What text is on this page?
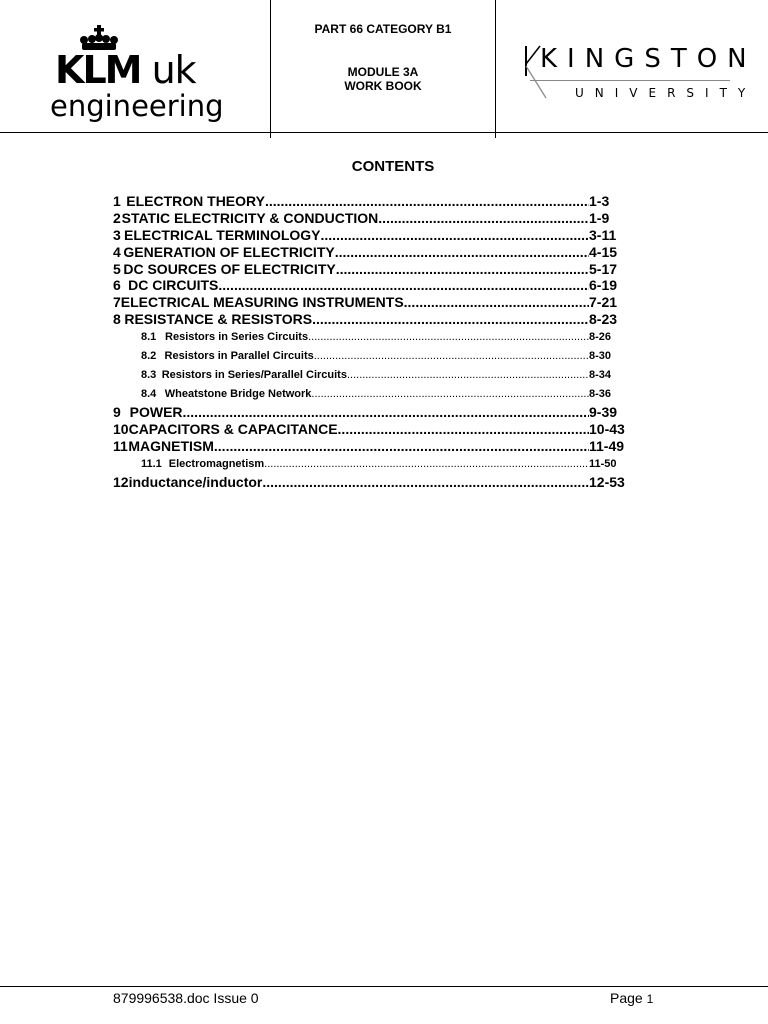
KLM uk
engineering
PART 66 CATEGORY B1
MODULE 3A
WORK BOOK
KINGSTON
UNIVERSITY
CONTENTS
1 ELECTRON THEORY .....	1-3
2 STATIC ELECTRICITY & CONDUCTION .....	1-9
3 ELECTRICAL TERMINOLOGY .....	3-11
4 GENERATION OF ELECTRICITY .....	4-15
5 DC SOURCES OF ELECTRICITY .....	5-17
6 DC CIRCUITS .....	6-19
7 ELECTRICAL MEASURING INSTRUMENTS .....	7-21
8 RESISTANCE & RESISTORS .....	8-23
8.1 Resistors in Series Circuits .....	8-26
8.2 Resistors in Parallel Circuits .....	8-30
8.3 Resistors in Series/Parallel Circuits .....	8-34
8.4 Wheatstone Bridge Network .....	8-36
9 POWER .....	9-39
10 CAPACITORS & CAPACITANCE .....	10-43
11 MAGNETISM .....	11-49
11.1 Electromagnetism .....	11-50
12 inductance/inductor .....	12-53
879996538.doc Issue 0	Page 1
